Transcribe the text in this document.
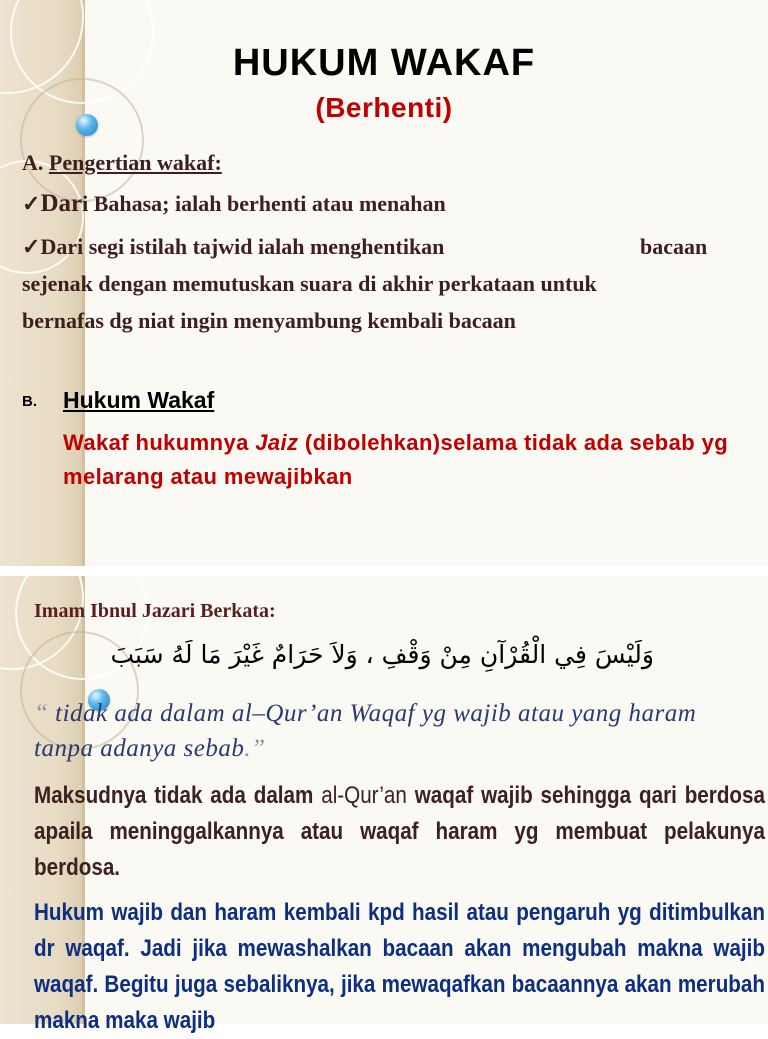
HUKUM WAKAF

(Berhenti)

A. Pengertian wakaf:

✓Dari Bahasa; ialah berhenti atau menahan

✓Dari segi istilah tajwid ialah menghentikan	bacaan

sejenak dengan memutuskan suara di akhir perkataan untuk

bernafas dg niat ingin menyambung kembali bacaan

B. Hukum Wakaf

Wakaf hukumnya Jaiz (dibolehkan)selama tidak ada sebab yg melarang atau mewajibkan

Imam Ibnul Jazari Berkata:

وَلَيْسَ فِي الْقُرْآنِ مِنْ وَقْفِ ، وَلاَ حَرَامٌ غَيْرَ مَا لَهُ سَبَبَ

“ tidak ada dalam al–Qur’an Waqaf yg wajib atau yang haram tanpa adanya sebab.”

Maksudnya tidak ada dalam al-Qur’an waqaf wajib sehingga qari berdosa apaila meninggalkannya atau waqaf haram yg membuat pelakunya berdosa.

Hukum wajib dan haram kembali kpd hasil atau pengaruh yg ditimbulkan dr waqaf. Jadi jika mewashalkan bacaan akan mengubah makna wajib waqaf. Begitu juga sebaliknya, jika mewaqafkan bacaannya akan merubah makna maka wajib
